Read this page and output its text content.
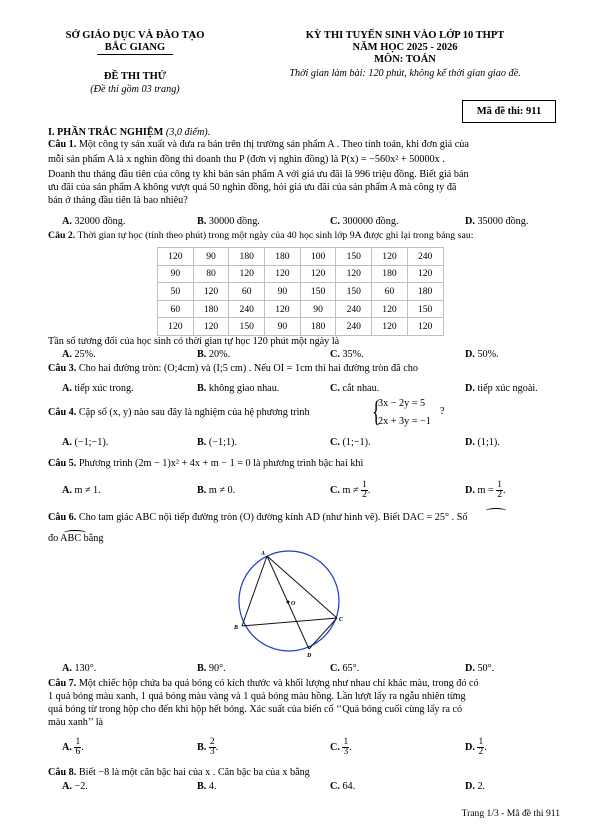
SỞ GIÁO DỤC VÀ ĐÀO TẠO
BẮC GIANG
KỲ THI TUYỂN SINH VÀO LỚP 10 THPT
NĂM HỌC 2025 - 2026
MÔN: TOÁN
ĐỀ THI THỬ
(Đề thi gồm 03 trang)
Thời gian làm bài: 120 phút, không kể thời gian giao đề.
Mã đề thi: 911
I. PHẦN TRẮC NGHIỆM (3,0 điểm).
Câu 1. Một công ty sản xuất và đưa ra bán trên thị trường sản phẩm A . Theo tính toán, khi đơn giá của
mỗi sản phẩm A là x nghìn đồng thì doanh thu P (đơn vị nghìn đồng) là P(x) = −560x² + 50000x .
Doanh thu tháng đầu tiên của công ty khi bán sản phẩm A với giá ưu đãi là 996 triệu đồng. Biết giá bán
ưu đãi của sản phẩm A không vượt quá 50 nghìn đồng, hỏi giá ưu đãi của sản phẩm A mà công ty đã
bán ở tháng đầu tiên là bao nhiêu?
A. 32000 đồng.	B. 30000 đồng.	C. 300000 đồng.	D. 35000 đồng.
Câu 2. Thời gian tự học (tính theo phút) trong một ngày của 40 học sinh lớp 9A được ghi lại trong bảng sau:
120	90	180	180	100	150	120	240
90	80	120	120	120	120	180	120
50	120	60	90	150	150	60	180
60	180	240	120	90	240	120	150
120	120	150	90	180	240	120	120
Tần số tương đối của học sinh có thời gian tự học 120 phút một ngày là
A. 25%.	B. 20%.	C. 35%.	D. 50%.
Câu 3. Cho hai đường tròn: (O;4cm) và (I;5 cm) . Nếu OI = 1cm thì hai đường tròn đã cho
A. tiếp xúc trong.	B. không giao nhau.	C. cắt nhau.	D. tiếp xúc ngoài.
Câu 4. Cặp số (x, y) nào sau đây là nghiệm của hệ phương trình	{
3x − 2y = 5
2x + 3y = −1
?
A. (−1;−1).	B. (−1;1).	C. (1;−1).	D. (1;1).
Câu 5. Phương trình (2m − 1)x² + 4x + m − 1 = 0 là phương trình bậc hai khi
A. m ≠ 1.	B. m ≠ 0.	C. $m \ne \frac{1}{2}$ .	D. $m = \frac{1}{2}$ .
Câu 6. Cho tam giác ABC nội tiếp đường tròn (O) đường kính AD (như hình vẽ). Biết DAC = 25° . Số
đo ABC bằng
A
B
C
D
O
A. 130°.	B. 90°.	C. 65°.	D. 50°.
Câu 7. Một chiếc hộp chứa ba quả bóng có kích thước và khối lượng như nhau chỉ khác màu, trong đó có
1 quả bóng màu xanh, 1 quả bóng màu vàng và 1 quả bóng màu hồng. Lần lượt lấy ra ngẫu nhiên từng
quả bóng từ trong hộp cho đến khi hộp hết bóng. Xác suất của biến cố ‘‘Quả bóng cuối cùng lấy ra có
màu xanh’’ là
A. $\frac{1}{6}$ .	B. $\frac{2}{3}$ .	C. $\frac{1}{3}$ .	D. $\frac{1}{2}$ .
Câu 8. Biết −8 là một căn bậc hai của x . Căn bậc ba của x bằng
A. −2.	B. 4.	C. 64.	D. 2.
Trang 1/3 - Mã đề thi 911
